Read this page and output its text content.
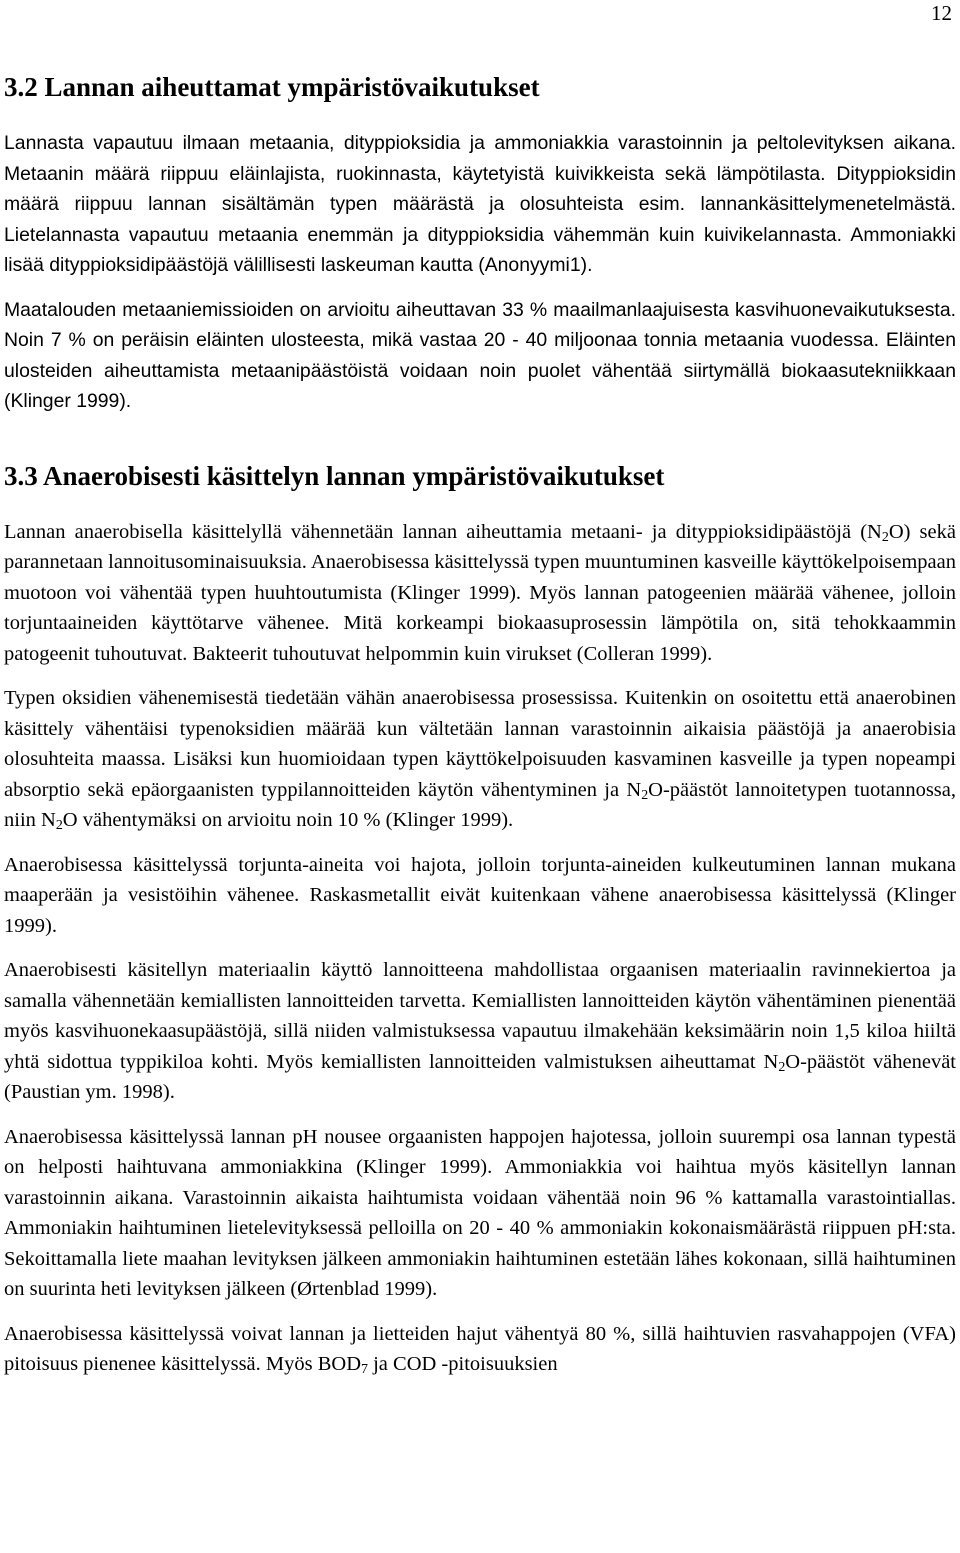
12
3.2 Lannan aiheuttamat ympäristövaikutukset

Lannasta vapautuu ilmaan metaania, dityppioksidia ja ammoniakkia varastoinnin ja peltolevityksen aikana. Metaanin määrä riippuu eläinlajista, ruokinnasta, käytetyistä kuivikkeista sekä lämpötilasta. Dityppioksidin määrä riippuu lannan sisältämän typen määrästä ja olosuhteista esim. lannankäsittelymenetelmästä. Lietelannasta vapautuu metaania enemmän ja dityppioksidia vähemmän kuin kuivikelannasta. Ammoniakki lisää dityppioksidipäästöjä välillisesti laskeuman kautta (Anonyymi1).

Maatalouden metaaniemissioiden on arvioitu aiheuttavan 33 % maailmanlaajuisesta kasvihuonevaikutuksesta. Noin 7 % on peräisin eläinten ulosteesta, mikä vastaa 20 - 40 miljoonaa tonnia metaania vuodessa. Eläinten ulosteiden aiheuttamista metaanipäästöistä voidaan noin puolet vähentää siirtymällä biokaasutekniikkaan (Klinger 1999).

3.3 Anaerobisesti käsittelyn lannan ympäristövaikutukset

Lannan anaerobisella käsittelyllä vähennetään lannan aiheuttamia metaani- ja dityppioksidipäästöjä $(N_2O)$ sekä parannetaan lannoitusominaisuuksia. Anaerobisessa käsittelyssä typen muuntuminen kasveille käyttökelpoisempaan muotoon voi vähentää typen huuhtoutumista (Klinger 1999). Myös lannan patogeenien määrää vähenee, jolloin torjuntaaineiden käyttötarve vähenee. Mitä korkeampi biokaasuprosessin lämpötila on, sitä tehokkaammin patogeenit tuhoutuvat. Bakteerit tuhoutuvat helpommin kuin virukset (Colleran 1999).

Typen oksidien vähenemisestä tiedetään vähän anaerobisessa prosessissa. Kuitenkin on osoitettu että anaerobinen käsittely vähentäisi typenoksidien määrää kun vältetään lannan varastoinnin aikaisia päästöjä ja anaerobisia olosuhteita maassa. Lisäksi kun huomioidaan typen käyttökelpoisuuden kasvaminen kasveille ja typen nopeampi absorptio sekä epäorgaanisten typpilannoitteiden käytön vähentyminen ja $N_2O$-päästöt lannoitetypen tuotannossa, niin $N_2O$ vähentymäksi on arvioitu noin 10 % (Klinger 1999).

Anaerobisessa käsittelyssä torjunta-aineita voi hajota, jolloin torjunta-aineiden kulkeutuminen lannan mukana maaperään ja vesistöihin vähenee. Raskasmetallit eivät kuitenkaan vähene anaerobisessa käsittelyssä (Klinger 1999).

Anaerobisesti käsitellyn materiaalin käyttö lannoitteena mahdollistaa orgaanisen materiaalin ravinnekiertoa ja samalla vähennetään kemiallisten lannoitteiden tarvetta. Kemiallisten lannoitteiden käytön vähentäminen pienentää myös kasvihuonekaasupäästöjä, sillä niiden valmistuksessa vapautuu ilmakehään keksimäärin noin 1,5 kiloa hiiltä yhtä sidottua typpikiloa kohti. Myös kemiallisten lannoitteiden valmistuksen aiheuttamat $N_2O$-päästöt vähenevät (Paustian ym. 1998).

Anaerobisessa käsittelyssä lannan pH nousee orgaanisten happojen hajotessa, jolloin suurempi osa lannan typestä on helposti haihtuvana ammoniakkina (Klinger 1999). Ammoniakkia voi haihtua myös käsitellyn lannan varastoinnin aikana. Varastoinnin aikaista haihtumista voidaan vähentää noin 96 % kattamalla varastointiallas. Ammoniakin haihtuminen lietelevityksessä pelloilla on 20 - 40 % ammoniakin kokonaismäärästä riippuen pH:sta. Sekoittamalla liete maahan levityksen jälkeen ammoniakin haihtuminen estetään lähes kokonaan, sillä haihtuminen on suurinta heti levityksen jälkeen (Ørtenblad 1999).

Anaerobisessa käsittelyssä voivat lannan ja lietteiden hajut vähentyä 80 %, sillä haihtuvien rasvahappojen (VFA) pitoisuus pienenee käsittelyssä. Myös $BOD_7$ ja COD -pitoisuuksien
